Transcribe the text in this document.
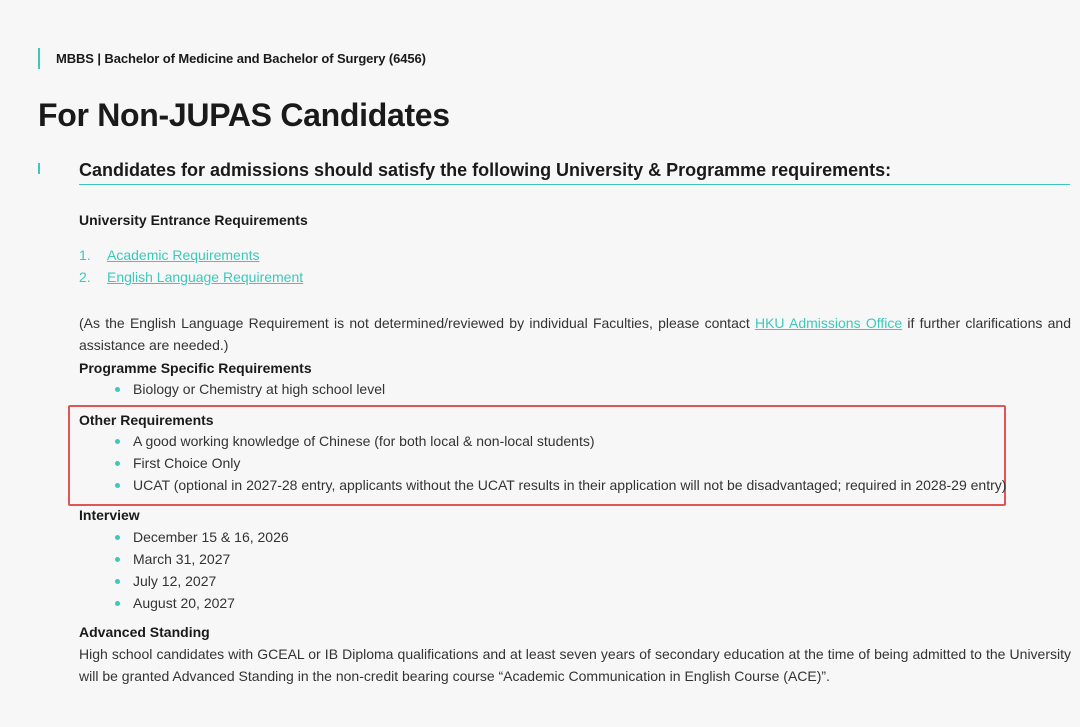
MBBS | Bachelor of Medicine and Bachelor of Surgery (6456)
For Non-JUPAS Candidates
Candidates for admissions should satisfy the following University & Programme requirements:
University Entrance Requirements
1.	Academic Requirements
2.	English Language Requirement

(As the English Language Requirement is not determined/reviewed by individual Faculties, please contact HKU Admissions Office if further clarifications and assistance are needed.)

Programme Specific Requirements
Biology or Chemistry at high school level
Other Requirements
A good working knowledge of Chinese (for both local & non-local students)
First Choice Only
UCAT (optional in 2027-28 entry, applicants without the UCAT results in their application will not be disadvantaged; required in 2028-29 entry)
Interview
December 15 & 16, 2026
March 31, 2027
July 12, 2027
August 20, 2027
Advanced Standing

High school candidates with GCEAL or IB Diploma qualifications and at least seven years of secondary education at the time of being admitted to the University will be granted Advanced Standing in the non-credit bearing course “Academic Communication in English Course (ACE)”.
